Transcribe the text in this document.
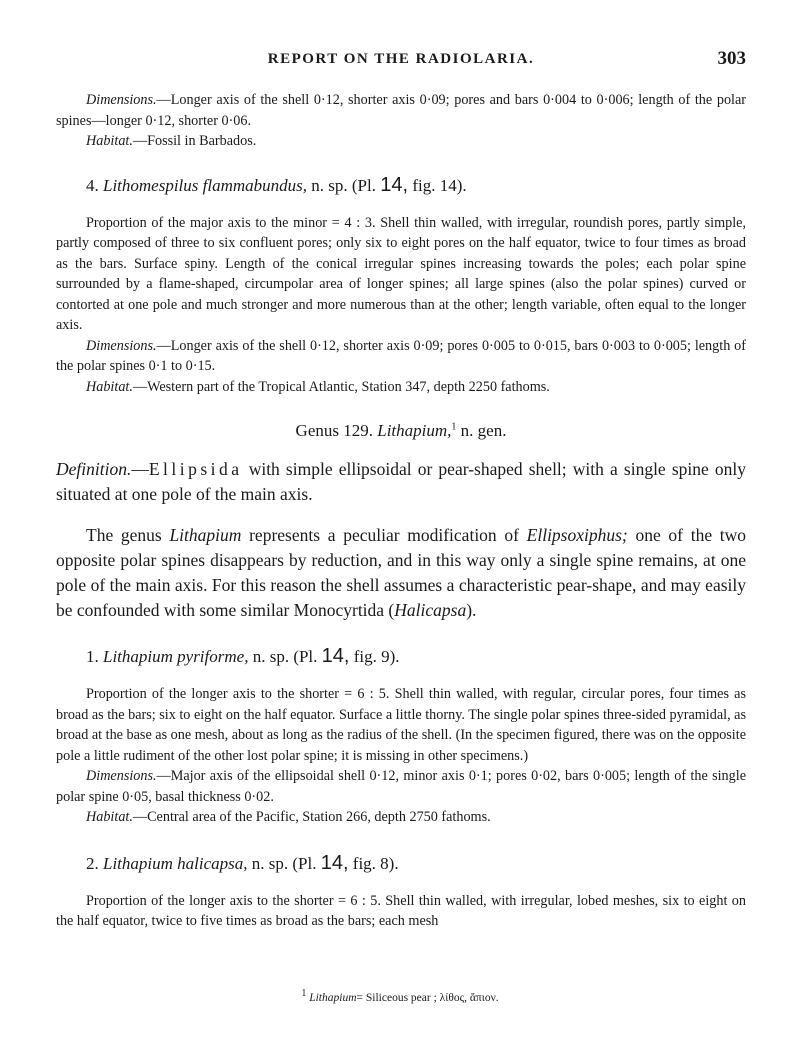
REPORT ON THE RADIOLARIA.	303

Dimensions.—Longer axis of the shell 0·12, shorter axis 0·09; pores and bars 0·004 to 0·006; length of the polar spines—longer 0·12, shorter 0·06.

Habitat.—Fossil in Barbados.

4. Lithomespilus flammabundus, n. sp. (Pl. 14, fig. 14).

Proportion of the major axis to the minor = 4 : 3. Shell thin walled, with irregular, roundish pores, partly simple, partly composed of three to six confluent pores; only six to eight pores on the half equator, twice to four times as broad as the bars. Surface spiny. Length of the conical irregular spines increasing towards the poles; each polar spine surrounded by a flame-shaped, circumpolar area of longer spines; all large spines (also the polar spines) curved or contorted at one pole and much stronger and more numerous than at the other; length variable, often equal to the longer axis.

Dimensions.—Longer axis of the shell 0·12, shorter axis 0·09; pores 0·005 to 0·015, bars 0·003 to 0·005; length of the polar spines 0·1 to 0·15.

Habitat.—Western part of the Tropical Atlantic, Station 347, depth 2250 fathoms.

Genus 129. Lithapium,$^1$ n. gen.

Definition.—Ellipsida with simple ellipsoidal or pear-shaped shell; with a single spine only situated at one pole of the main axis.

The genus Lithapium represents a peculiar modification of Ellipsoxiphus; one of the two opposite polar spines disappears by reduction, and in this way only a single spine remains, at one pole of the main axis. For this reason the shell assumes a characteristic pear-shape, and may easily be confounded with some similar Monocyrtida (Halicapsa).

1. Lithapium pyriforme, n. sp. (Pl. 14, fig. 9).

Proportion of the longer axis to the shorter = 6 : 5. Shell thin walled, with regular, circular pores, four times as broad as the bars; six to eight on the half equator. Surface a little thorny. The single polar spines three-sided pyramidal, as broad at the base as one mesh, about as long as the radius of the shell. (In the specimen figured, there was on the opposite pole a little rudiment of the other lost polar spine; it is missing in other specimens.)

Dimensions.—Major axis of the ellipsoidal shell 0·12, minor axis 0·1; pores 0·02, bars 0·005; length of the single polar spine 0·05, basal thickness 0·02.

Habitat.—Central area of the Pacific, Station 266, depth 2750 fathoms.

2. Lithapium halicapsa, n. sp. (Pl. 14, fig. 8).

Proportion of the longer axis to the shorter = 6 : 5. Shell thin walled, with irregular, lobed meshes, six to eight on the half equator, twice to five times as broad as the bars; each mesh

$^1$ Lithapium= Siliceous pear ; λίθος, ἄπιον.
